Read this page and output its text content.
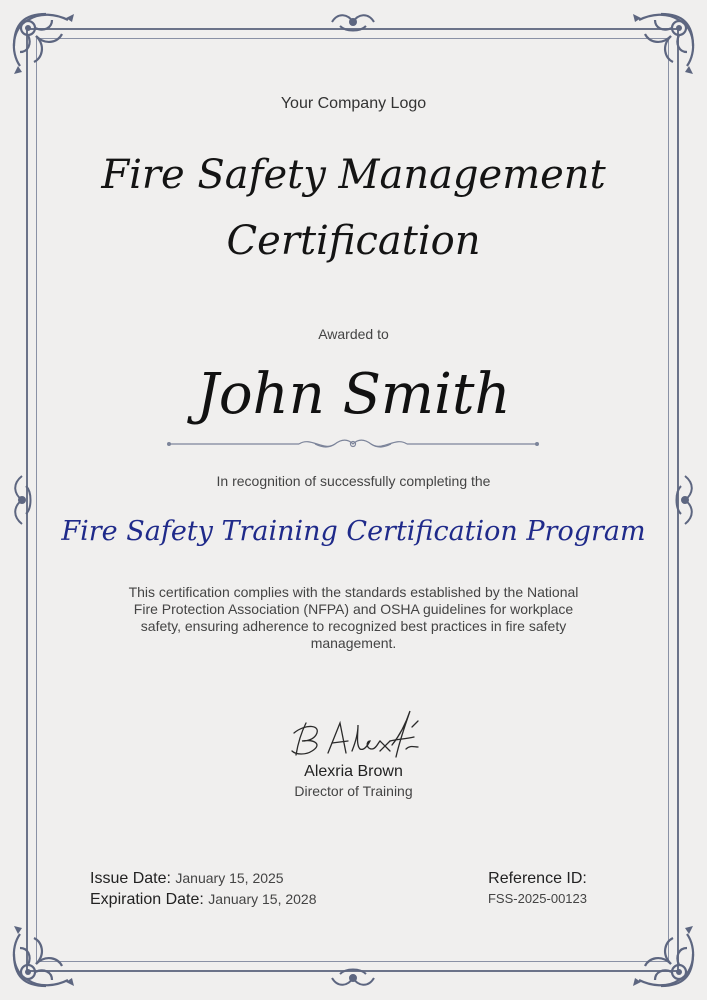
Your Company Logo
Fire Safety Management
Certification
Awarded to
John Smith
In recognition of successfully completing the
Fire Safety Training Certification Program
This certification complies with the standards established by the National Fire Protection Association (NFPA) and OSHA guidelines for workplace safety, ensuring adherence to recognized best practices in fire safety management.
Alexria Brown
Director of Training
Issue Date: January 15, 2025
Expiration Date: January 15, 2028
Reference ID:
FSS-2025-00123
